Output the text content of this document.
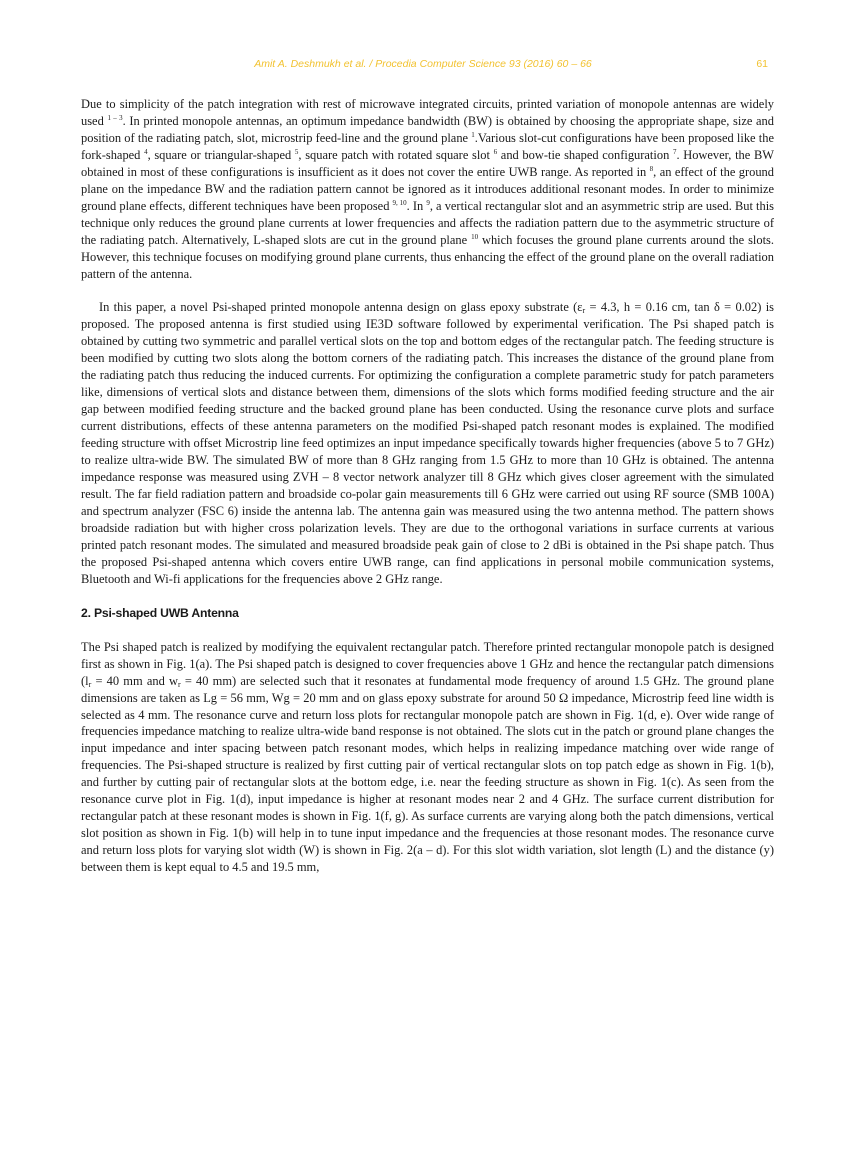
Amit A. Deshmukh et al. / Procedia Computer Science 93 (2016) 60 – 66	61

Due to simplicity of the patch integration with rest of microwave integrated circuits, printed variation of monopole antennas are widely used $^{1 - 3}$. In printed monopole antennas, an optimum impedance bandwidth (BW) is obtained by choosing the appropriate shape, size and position of the radiating patch, slot, microstrip feed-line and the ground plane $^1$.Various slot-cut configurations have been proposed like the fork-shaped $^4$, square or triangular-shaped $^5$, square patch with rotated square slot $^6$ and bow-tie shaped configuration $^7$. However, the BW obtained in most of these configurations is insufficient as it does not cover the entire UWB range. As reported in $^8$, an effect of the ground plane on the impedance BW and the radiation pattern cannot be ignored as it introduces additional resonant modes. In order to minimize ground plane effects, different techniques have been proposed $^{9, 10}$. In $^9$, a vertical rectangular slot and an asymmetric strip are used. But this technique only reduces the ground plane currents at lower frequencies and affects the radiation pattern due to the asymmetric structure of the radiating patch. Alternatively, L-shaped slots are cut in the ground plane $^{10}$ which focuses the ground plane currents around the slots. However, this technique focuses on modifying ground plane currents, thus enhancing the effect of the ground plane on the overall radiation pattern of the antenna.

In this paper, a novel Psi-shaped printed monopole antenna design on glass epoxy substrate ($\varepsilon_r = 4.3$, h = 0.16 cm, tan δ = 0.02) is proposed. The proposed antenna is first studied using IE3D software followed by experimental verification. The Psi shaped patch is obtained by cutting two symmetric and parallel vertical slots on the top and bottom edges of the rectangular patch. The feeding structure is been modified by cutting two slots along the bottom corners of the radiating patch. This increases the distance of the ground plane from the radiating patch thus reducing the induced currents. For optimizing the configuration a complete parametric study for patch parameters like, dimensions of vertical slots and distance between them, dimensions of the slots which forms modified feeding structure and the air gap between modified feeding structure and the backed ground plane has been conducted. Using the resonance curve plots and surface current distributions, effects of these antenna parameters on the modified Psi-shaped patch resonant modes is explained. The modified feeding structure with offset Microstrip line feed optimizes an input impedance specifically towards higher frequencies (above 5 to 7 GHz) to realize ultra-wide BW. The simulated BW of more than 8 GHz ranging from 1.5 GHz to more than 10 GHz is obtained. The antenna impedance response was measured using ZVH – 8 vector network analyzer till 8 GHz which gives closer agreement with the simulated result. The far field radiation pattern and broadside co-polar gain measurements till 6 GHz were carried out using RF source (SMB 100A) and spectrum analyzer (FSC 6) inside the antenna lab. The antenna gain was measured using the two antenna method. The pattern shows broadside radiation but with higher cross polarization levels. They are due to the orthogonal variations in surface currents at various printed patch resonant modes. The simulated and measured broadside peak gain of close to 2 dBi is obtained in the Psi shape patch. Thus the proposed Psi-shaped antenna which covers entire UWB range, can find applications in personal mobile communication systems, Bluetooth and Wi-fi applications for the frequencies above 2 GHz range.

2. Psi-shaped UWB Antenna

The Psi shaped patch is realized by modifying the equivalent rectangular patch. Therefore printed rectangular monopole patch is designed first as shown in Fig. 1(a). The Psi shaped patch is designed to cover frequencies above 1 GHz and hence the rectangular patch dimensions ($l_r = 40$ mm and $w_r = 40$ mm) are selected such that it resonates at fundamental mode frequency of around 1.5 GHz. The ground plane dimensions are taken as Lg = 56 mm, Wg = 20 mm and on glass epoxy substrate for around 50 Ω impedance, Microstrip feed line width is selected as 4 mm. The resonance curve and return loss plots for rectangular monopole patch are shown in Fig. 1(d, e). Over wide range of frequencies impedance matching to realize ultra-wide band response is not obtained. The slots cut in the patch or ground plane changes the input impedance and inter spacing between patch resonant modes, which helps in realizing impedance matching over wide range of frequencies. The Psi-shaped structure is realized by first cutting pair of vertical rectangular slots on top patch edge as shown in Fig. 1(b), and further by cutting pair of rectangular slots at the bottom edge, i.e. near the feeding structure as shown in Fig. 1(c). As seen from the resonance curve plot in Fig. 1(d), input impedance is higher at resonant modes near 2 and 4 GHz. The surface current distribution for rectangular patch at these resonant modes is shown in Fig. 1(f, g). As surface currents are varying along both the patch dimensions, vertical slot position as shown in Fig. 1(b) will help in to tune input impedance and the frequencies at those resonant modes. The resonance curve and return loss plots for varying slot width (W) is shown in Fig. 2(a – d). For this slot width variation, slot length (L) and the distance (y) between them is kept equal to 4.5 and 19.5 mm,
